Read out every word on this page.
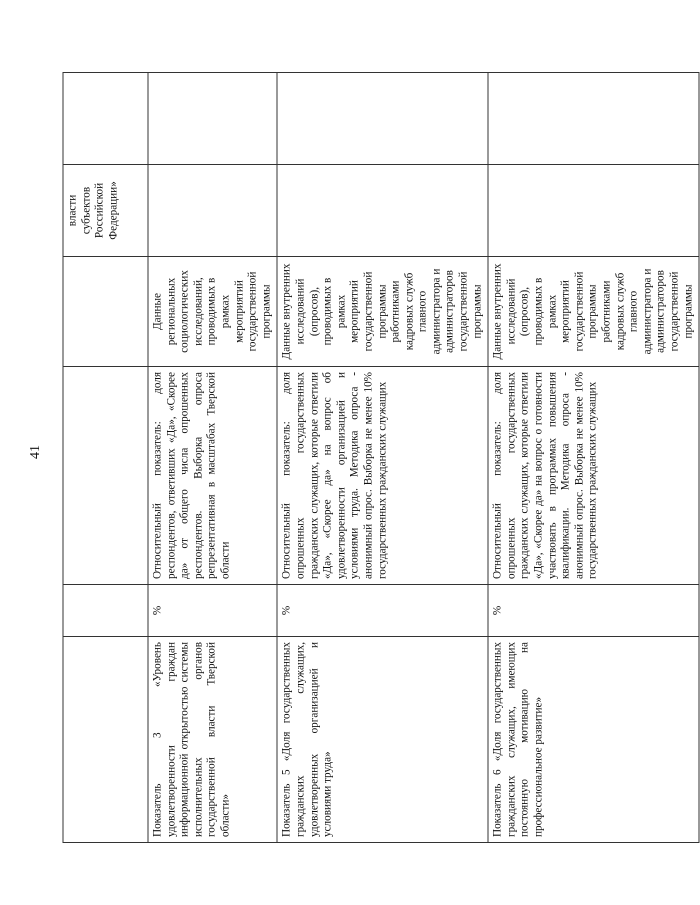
41
				власти субъектов Российской Федерации»	
Показатель 3 «Уровень удовлетворенности граждан информационной открытостью системы исполнительных органов государственной власти Тверской области»	%	Относительный показатель: доля респондентов, ответивших «Да», «Скорее да» от общего числа опрошенных респондентов. Выборка опроса репрезентативная в масштабах Тверской области	Данные региональных социологических исследований, проводимых в рамках мероприятий государственной программы		
Показатель 5 «Доля государственных гражданских служащих, удовлетворенных организацией и условиями труда»	%	Относительный показатель: доля опрошенных государственных гражданских служащих, которые ответили «Да», «Скорее да» на вопрос об удовлетворенности организацией и условиями труда. Методика опроса - анонимный опрос. Выборка не менее 10% государственных гражданских служащих	Данные внутренних исследований (опросов), проводимых в рамках мероприятий государственной программы работниками кадровых служб главного администратора и администраторов государственной программы		
Показатель 6 «Доля государственных гражданских служащих, имеющих постоянную мотивацию на профессиональное развитие»	%	Относительный показатель: доля опрошенных государственных гражданских служащих, которые ответили «Да», «Скорее да» на вопрос о готовности участвовать в программах повышения квалификации. Методика опроса - анонимный опрос. Выборка не менее 10% государственных гражданских служащих	Данные внутренних исследований (опросов), проводимых в рамках мероприятий государственной программы работниками кадровых служб главного администратора и администраторов государственной программы		
